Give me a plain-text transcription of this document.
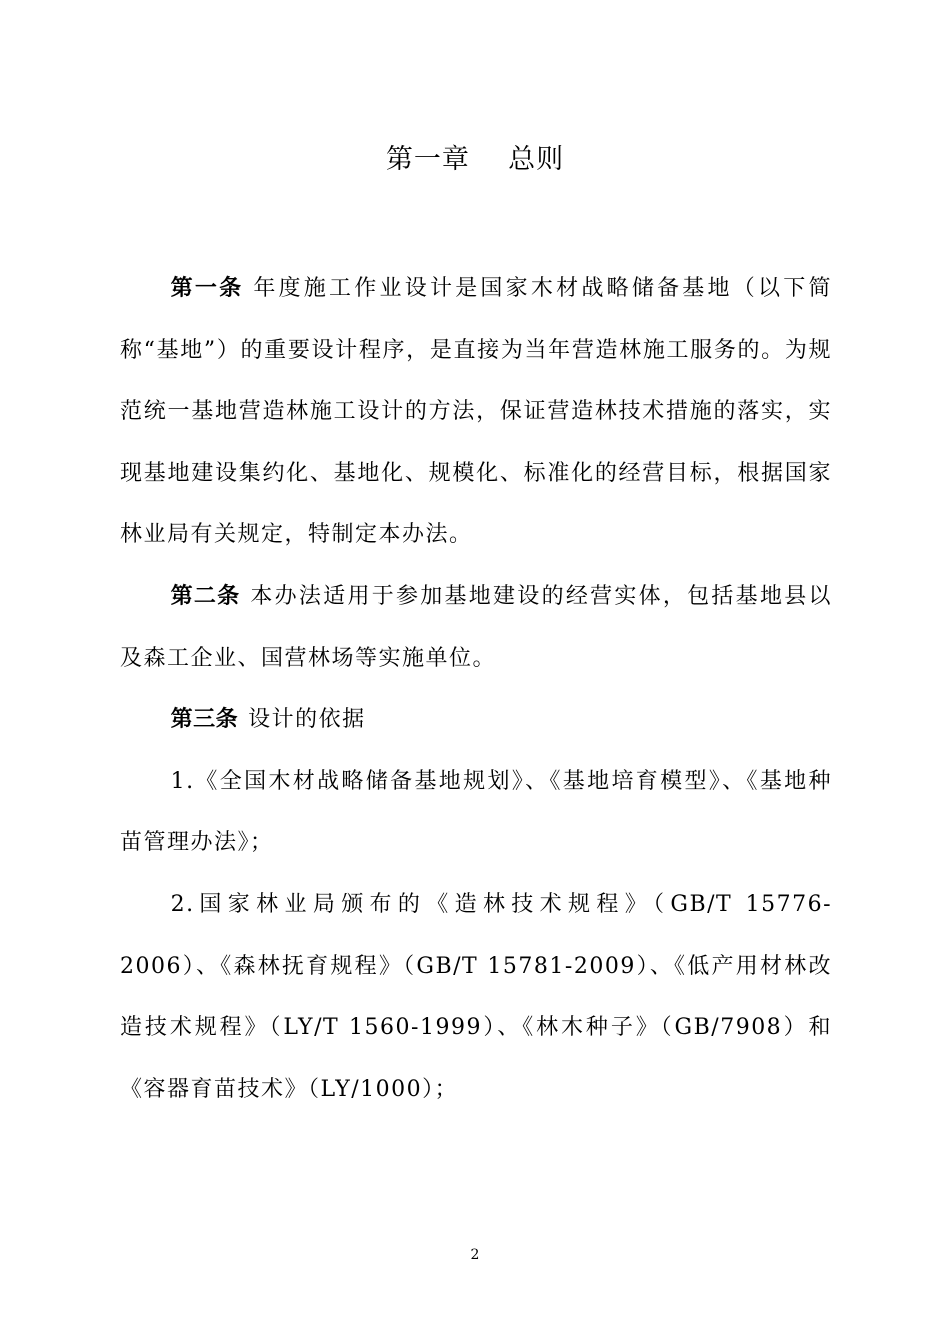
第一章    总则

第一条 年度施工作业设计是国家木材战略储备基地（以下简称“基地”）的重要设计程序，是直接为当年营造林施工服务的。为规范统一基地营造林施工设计的方法，保证营造林技术措施的落实，实现基地建设集约化、基地化、规模化、标准化的经营目标，根据国家林业局有关规定，特制定本办法。

第二条 本办法适用于参加基地建设的经营实体，包括基地县以及森工企业、国营林场等实施单位。

第三条 设计的依据

1.《全国木材战略储备基地规划》、《基地培育模型》、《基地种苗管理办法》；

2.国家林业局颁布的《造林技术规程》（GB/T 15776-2006）、《森林抚育规程》（GB/T 15781-2009）、《低产用材林改造技术规程》（LY/T 1560-1999）、《林木种子》（GB/7908）和《容器育苗技术》（LY/1000）；

2
